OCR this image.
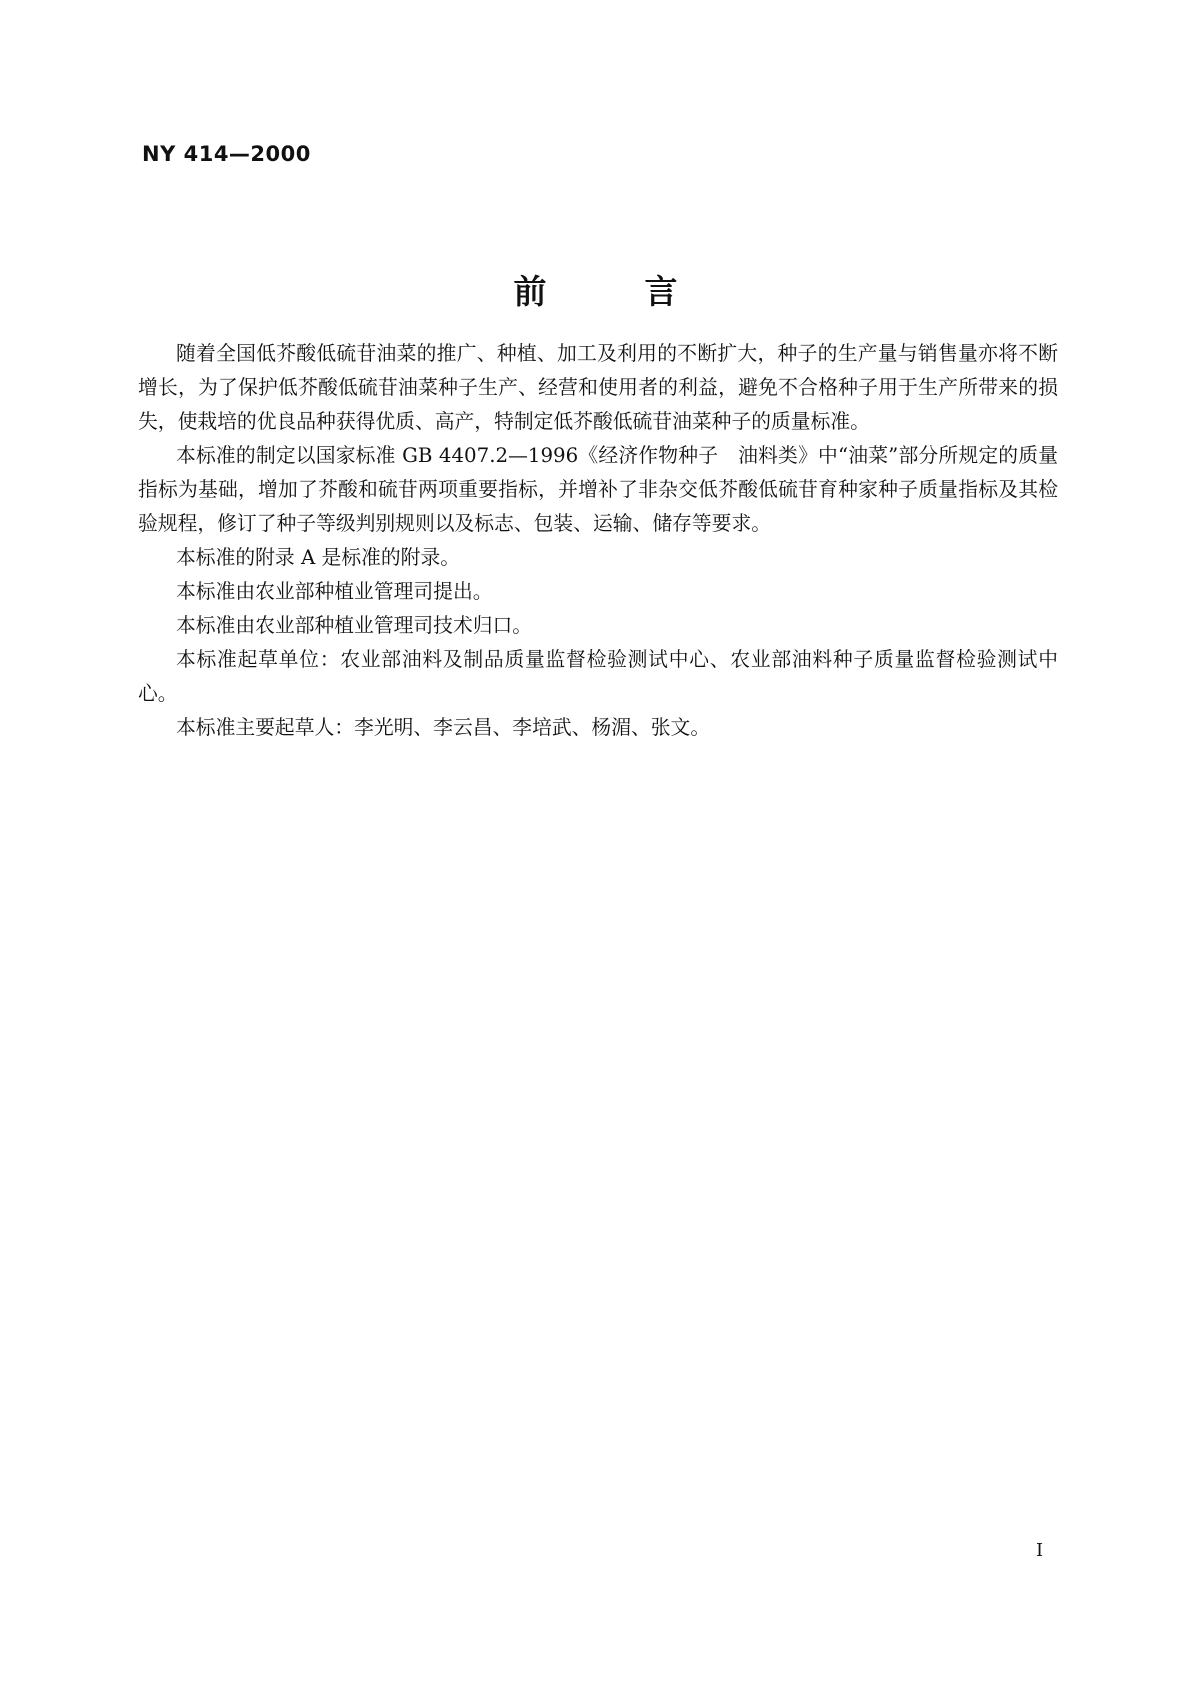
NY 414—2000
前	言

随着全国低芥酸低硫苷油菜的推广、种植、加工及利用的不断扩大，种子的生产量与销售量亦将不断增长，为了保护低芥酸低硫苷油菜种子生产、经营和使用者的利益，避免不合格种子用于生产所带来的损失，使栽培的优良品种获得优质、高产，特制定低芥酸低硫苷油菜种子的质量标准。

本标准的制定以国家标准 GB 4407.2—1996《经济作物种子　油料类》中“油菜”部分所规定的质量指标为基础，增加了芥酸和硫苷两项重要指标，并增补了非杂交低芥酸低硫苷育种家种子质量指标及其检验规程，修订了种子等级判别规则以及标志、包装、运输、储存等要求。

本标准的附录 A 是标准的附录。

本标准由农业部种植业管理司提出。

本标准由农业部种植业管理司技术归口。

本标准起草单位：农业部油料及制品质量监督检验测试中心、农业部油料种子质量监督检验测试中心。

本标准主要起草人：李光明、李云昌、李培武、杨湄、张文。

I
